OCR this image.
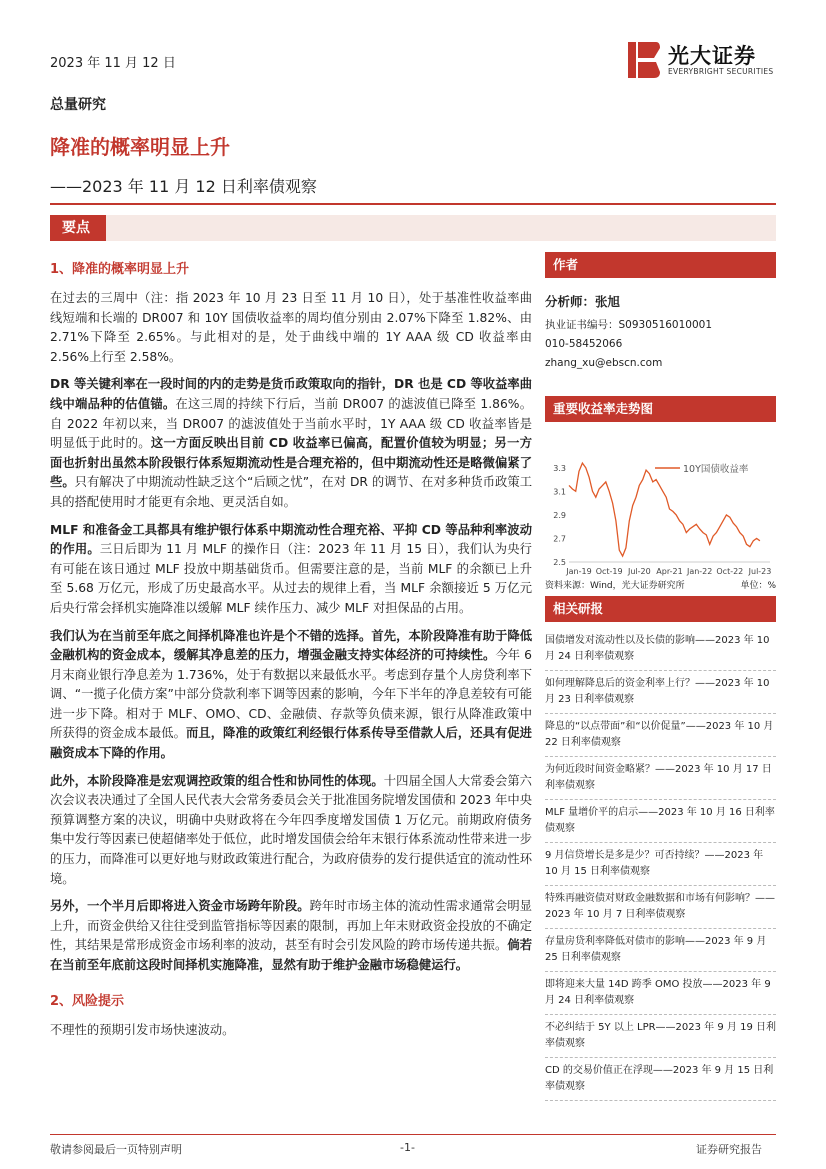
2023 年 11 月 12 日	光大证券
EVERYBRIGHT SECURITIES
总量研究
降准的概率明显上升
——2023 年 11 月 12 日利率债观察
要点
1、降准的概率明显上升

在过去的三周中（注：指 2023 年 10 月 23 日至 11 月 10 日），处于基准性收益率曲线短端和长端的 DR007 和 10Y 国债收益率的周均值分别由 2.07%下降至 1.82%、由 2.71%下降至 2.65%。与此相对的是，处于曲线中端的 1Y AAA 级 CD 收益率由 2.56%上行至 2.58%。

DR 等关键利率在一段时间的内的走势是货币政策取向的指针，DR 也是 CD 等收益率曲线中端品种的估值锚。在这三周的持续下行后，当前 DR007 的滤波值已降至 1.86%。自 2022 年初以来，当 DR007 的滤波值处于当前水平时，1Y AAA 级 CD 收益率皆是明显低于此时的。这一方面反映出目前 CD 收益率已偏高，配置价值较为明显；另一方面也折射出虽然本阶段银行体系短期流动性是合理充裕的，但中期流动性还是略微偏紧了些。只有解决了中期流动性缺乏这个“后顾之忧”，在对 DR 的调节、在对多种货币政策工具的搭配使用时才能更有余地、更灵活自如。

MLF 和准备金工具都具有维护银行体系中期流动性合理充裕、平抑 CD 等品种利率波动的作用。三日后即为 11 月 MLF 的操作日（注：2023 年 11 月 15 日），我们认为央行有可能在该日通过 MLF 投放中期基础货币。但需要注意的是，当前 MLF 的余额已上升至 5.68 万亿元，形成了历史最高水平。从过去的规律上看，当 MLF 余额接近 5 万亿元后央行常会择机实施降准以缓解 MLF 续作压力、减少 MLF 对担保品的占用。

我们认为在当前至年底之间择机降准也许是个不错的选择。首先，本阶段降准有助于降低金融机构的资金成本，缓解其净息差的压力，增强金融支持实体经济的可持续性。今年 6 月末商业银行净息差为 1.736%，处于有数据以来最低水平。考虑到存量个人房贷利率下调、“一揽子化债方案”中部分贷款利率下调等因素的影响，今年下半年的净息差较有可能进一步下降。相对于 MLF、OMO、CD、金融债、存款等负债来源，银行从降准政策中所获得的资金成本最低。而且，降准的政策红利经银行体系传导至借款人后，还具有促进融资成本下降的作用。

此外，本阶段降准是宏观调控政策的组合性和协同性的体现。十四届全国人大常委会第六次会议表决通过了全国人民代表大会常务委员会关于批准国务院增发国债和 2023 年中央预算调整方案的决议，明确中央财政将在今年四季度增发国债 1 万亿元。前期政府债务集中发行等因素已使超储率处于低位，此时增发国债会给年末银行体系流动性带来进一步的压力，而降准可以更好地与财政政策进行配合，为政府债券的发行提供适宜的流动性环境。

另外，一个半月后即将进入资金市场跨年阶段。跨年时市场主体的流动性需求通常会明显上升，而资金供给又往往受到监管指标等因素的限制，再加上年末财政资金投放的不确定性，其结果是常形成资金市场利率的波动，甚至有时会引发风险的跨市场传递共振。倘若在当前至年底前这段时间择机实施降准，显然有助于维护金融市场稳健运行。

2、风险提示

不理性的预期引发市场快速波动。

作者
分析师：张旭
执业证书编号：S0930516010001
010-58452066
zhang_xu@ebscn.com
重要收益率走势图
2.5
2.7
2.9
3.1
3.3
Jan-19 Oct-19 Jul-20 Apr-21 Jan-22 Oct-22 Jul-23
10Y国债收益率
资料来源：Wind，光大证券研究所	单位：%
相关研报
国债增发对流动性以及长债的影响——2023 年 10 月 24 日利率债观察
如何理解降息后的资金利率上行？——2023 年 10 月 23 日利率债观察
降息的“以点带面”和“以价促量”——2023 年 10 月 22 日利率债观察
为何近段时间资金略紧？——2023 年 10 月 17 日利率债观察
MLF 量增价平的启示——2023 年 10 月 16 日利率债观察
9 月信贷增长是多是少？可否持续？——2023 年 10 月 15 日利率债观察
特殊再融资债对财政金融数据和市场有何影响？——2023 年 10 月 7 日利率债观察
存量房贷利率降低对债市的影响——2023 年 9 月 25 日利率债观察
即将迎来大量 14D 跨季 OMO 投放——2023 年 9 月 24 日利率债观察
不必纠结于 5Y 以上 LPR——2023 年 9 月 19 日利率债观察
CD 的交易价值正在浮现——2023 年 9 月 15 日利率债观察
敬请参阅最后一页特别声明	-1-	证券研究报告
